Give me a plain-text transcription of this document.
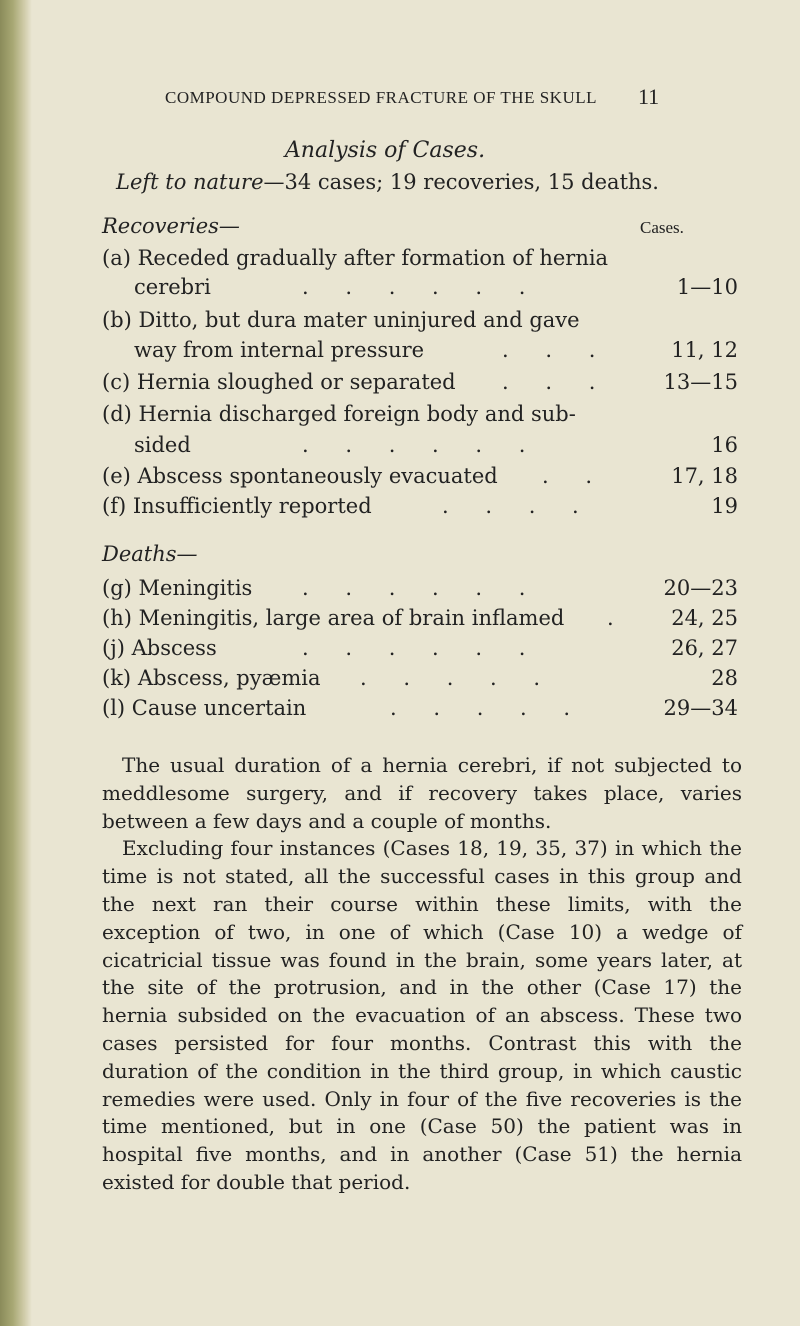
COMPOUND DEPRESSED FRACTURE OF THE SKULL	11
Analysis of Cases.
Left to nature—34 cases; 19 recoveries, 15 deaths.
Recoveries—	Cases.
(a) Receded gradually after formation of hernia
cerebri	. . . . . .	1—10
(b) Ditto, but dura mater uninjured and gave
way from internal pressure	. . .	11, 12
(c) Hernia sloughed or separated . . .	13—15
(d) Hernia discharged foreign body and sub-
sided	. . . . . .	16
(e) Abscess spontaneously evacuated . .	17, 18
(f) Insufficiently reported	. . . .	19
Deaths—
(g) Meningitis . . . . . .	20—23
(h) Meningitis, large area of brain inflamed . 24, 25
(j) Abscess	. . . . . .	26, 27
(k) Abscess, pyæmia . . . . .	28
(l) Cause uncertain	. . . . .	29—34

The usual duration of a hernia cerebri, if not subjected to meddlesome surgery, and if recovery takes place, varies between a few days and a couple of months.

Excluding four instances (Cases 18, 19, 35, 37) in which the time is not stated, all the successful cases in this group and the next ran their course within these limits, with the exception of two, in one of which (Case 10) a wedge of cicatricial tissue was found in the brain, some years later, at the site of the protrusion, and in the other (Case 17) the hernia subsided on the evacuation of an abscess. These two cases persisted for four months. Contrast this with the duration of the condition in the third group, in which caustic remedies were used. Only in four of the five recoveries is the time mentioned, but in one (Case 50) the patient was in hospital five months, and in another (Case 51) the hernia existed for double that period.
